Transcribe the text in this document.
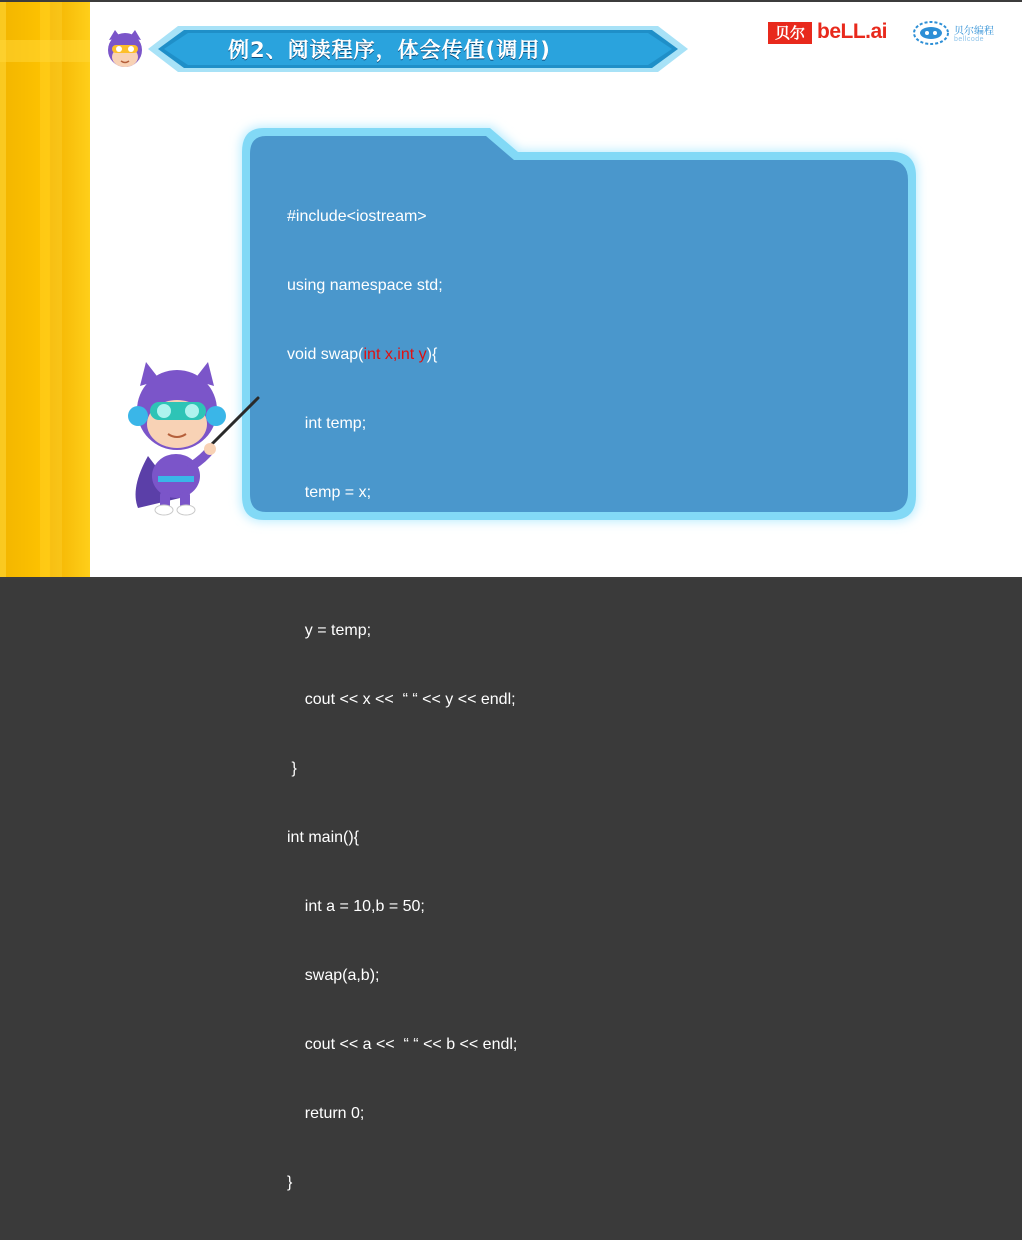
例2、阅读程序，体会传值(调用)
贝尔 beLL.ai	贝尔编程
bellcode

#include<iostream>

using namespace std;

void swap(int x,int y){

int temp;

temp = x;

x = y;

y = temp;

cout << x <<  “ “ << y << endl;

}

int main(){

int a = 10,b = 50;

swap(a,b);

cout << a <<  “ “ << b << endl;

return 0;

}
